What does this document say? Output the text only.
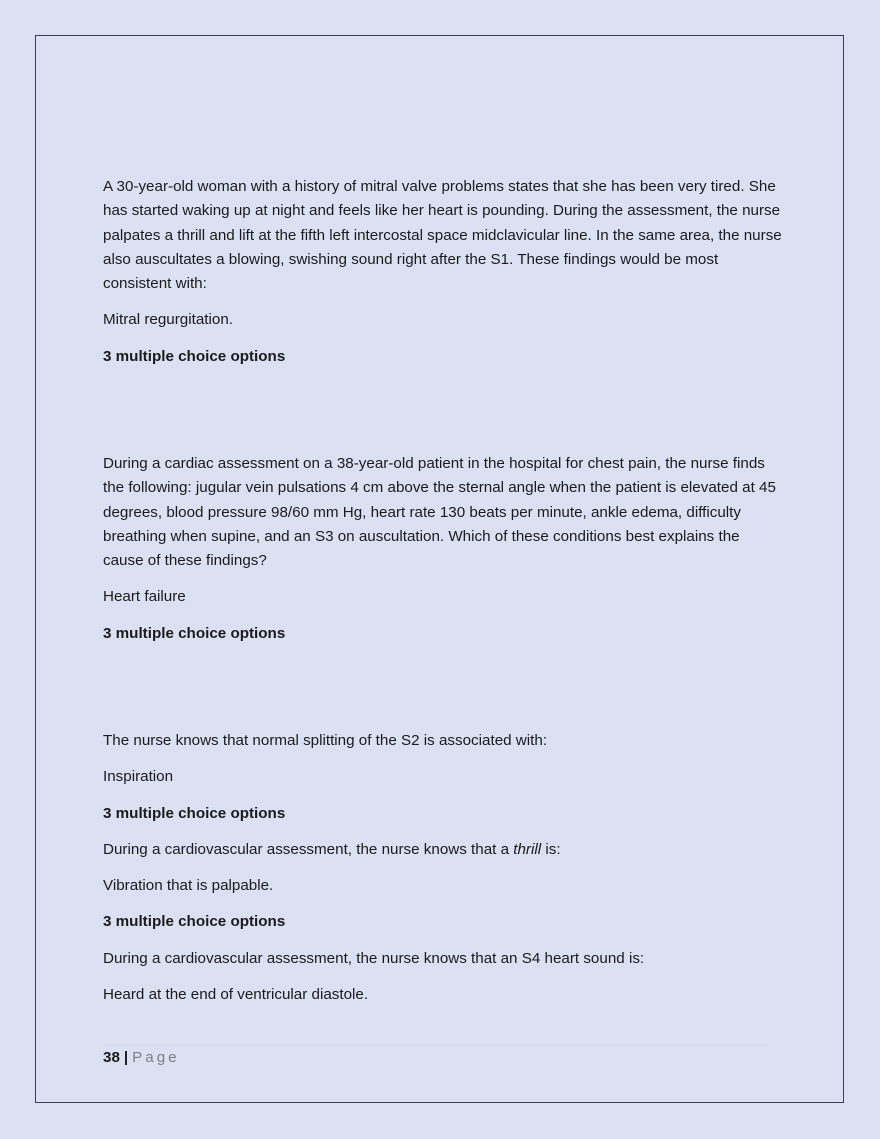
A 30-year-old woman with a history of mitral valve problems states that she has been very tired. She has started waking up at night and feels like her heart is pounding. During the assessment, the nurse palpates a thrill and lift at the fifth left intercostal space midclavicular line. In the same area, the nurse also auscultates a blowing, swishing sound right after the S1. These findings would be most consistent with:

Mitral regurgitation.

3 multiple choice options

During a cardiac assessment on a 38-year-old patient in the hospital for chest pain, the nurse finds the following: jugular vein pulsations 4 cm above the sternal angle when the patient is elevated at 45 degrees, blood pressure 98/60 mm Hg, heart rate 130 beats per minute, ankle edema, difficulty breathing when supine, and an S3 on auscultation. Which of these conditions best explains the cause of these findings?

Heart failure

3 multiple choice options

The nurse knows that normal splitting of the S2 is associated with:

Inspiration

3 multiple choice options

During a cardiovascular assessment, the nurse knows that a thrill is:

Vibration that is palpable.

3 multiple choice options

During a cardiovascular assessment, the nurse knows that an S4 heart sound is:

Heard at the end of ventricular diastole.

38 | Page
